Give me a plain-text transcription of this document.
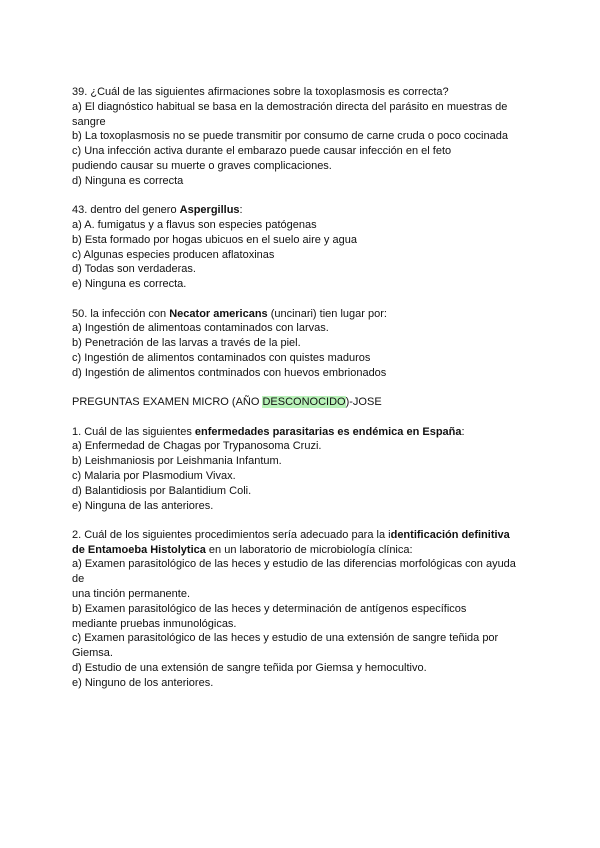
39. ¿Cuál de las siguientes afirmaciones sobre la toxoplasmosis es correcta?
a) El diagnóstico habitual se basa en la demostración directa del parásito en muestras de
sangre
b) La toxoplasmosis no se puede transmitir por consumo de carne cruda o poco cocinada
c) Una infección activa durante el embarazo puede causar infección en el feto
pudiendo causar su muerte o graves complicaciones.
d) Ninguna es correcta
43. dentro del genero Aspergillus:
a) A. fumigatus y a flavus son especies patógenas
b) Esta formado por hogas ubicuos en el suelo aire y agua
c) Algunas especies producen aflatoxinas
d) Todas son verdaderas.
e) Ninguna es correcta.
50. la infección con Necator americans (uncinari) tien lugar por:
a) Ingestión de alimentoas contaminados con larvas.
b) Penetración de las larvas a través de la piel.
c) Ingestión de alimentos contaminados con quistes maduros
d) Ingestión de alimentos contminados con huevos embrionados
PREGUNTAS EXAMEN MICRO (AÑO DESCONOCIDO)-JOSE
1. Cuál de las siguientes enfermedades parasitarias es endémica en España:
a) Enfermedad de Chagas por Trypanosoma Cruzi.
b) Leishmaniosis por Leishmania Infantum.
c) Malaria por Plasmodium Vivax.
d) Balantidiosis por Balantidium Coli.
e) Ninguna de las anteriores.
2. Cuál de los siguientes procedimientos sería adecuado para la identificación definitiva
de Entamoeba Histolytica en un laboratorio de microbiología clínica:
a) Examen parasitológico de las heces y estudio de las diferencias morfológicas con ayuda
de
una tinción permanente.
b) Examen parasitológico de las heces y determinación de antígenos específicos
mediante pruebas inmunológicas.
c) Examen parasitológico de las heces y estudio de una extensión de sangre teñida por
Giemsa.
d) Estudio de una extensión de sangre teñida por Giemsa y hemocultivo.
e) Ninguno de los anteriores.
